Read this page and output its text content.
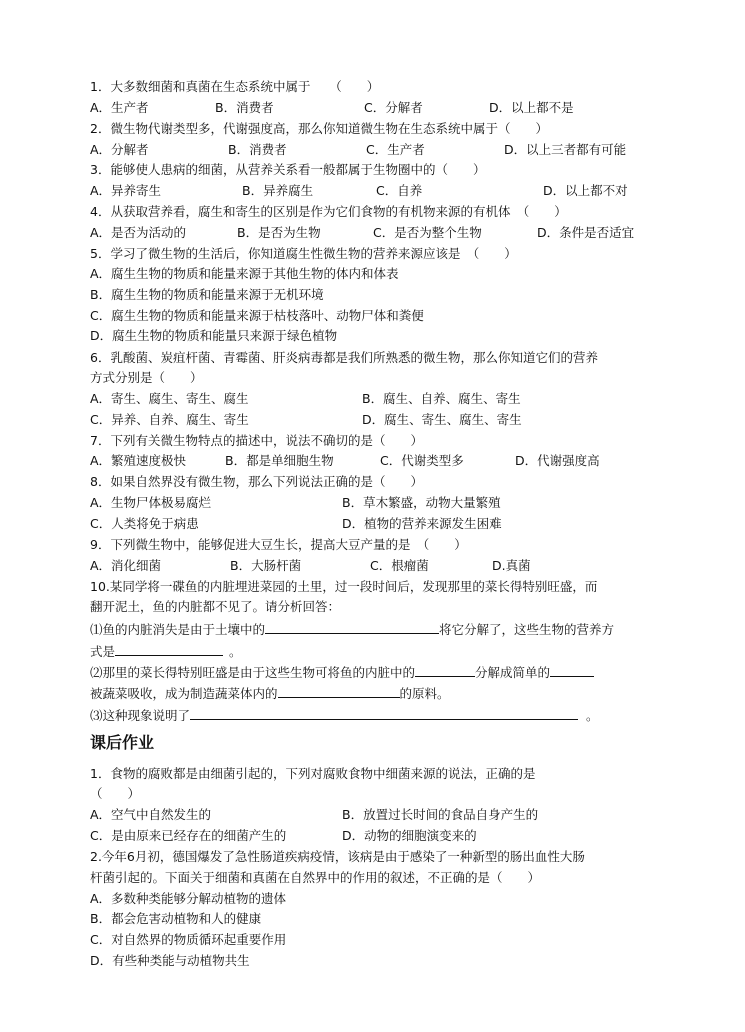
1．大多数细菌和真菌在生态系统中属于　　（　　）
A．生产者	B．消费者	C．分解者	D．以上都不是
2．微生物代谢类型多，代谢强度高，那么你知道微生物在生态系统中属于（　　）
A．分解者	B．消费者	C．生产者	D．以上三者都有可能
3．能够使人患病的细菌，从营养关系看一般都属于生物圈中的（　　）
A．异养寄生	B．异养腐生	C．自养	D．以上都不对
4．从获取营养看，腐生和寄生的区别是作为它们食物的有机物来源的有机体　（　　）
A．是否为活动的	B．是否为生物	C．是否为整个生物	D．条件是否适宜
5．学习了微生物的生活后，你知道腐生性微生物的营养来源应该是　（　　）
A．腐生生物的物质和能量来源于其他生物的体内和体表
B．腐生生物的物质和能量来源于无机环境
C．腐生生物的物质和能量来源于枯枝落叶、动物尸体和粪便
D．腐生生物的物质和能量只来源于绿色植物
6．乳酸菌、炭疽杆菌、青霉菌、肝炎病毒都是我们所熟悉的微生物，那么你知道它们的营养
方式分别是（　　）
A．寄生、腐生、寄生、腐生	B．腐生、自养、腐生、寄生
C．异养、自养、腐生、寄生	D．腐生、寄生、腐生、寄生
7．下列有关微生物特点的描述中，说法不确切的是（　　）
A．繁殖速度极快	B．都是单细胞生物	C．代谢类型多	D．代谢强度高
8．如果自然界没有微生物，那么下列说法正确的是（　　）
A．生物尸体极易腐烂	B．草木繁盛，动物大量繁殖
C．人类将免于病患	D．植物的营养来源发生困难
9．下列微生物中，能够促进大豆生长，提高大豆产量的是　（　　）
A．消化细菌	B．大肠杆菌	C．根瘤菌	D.真菌
10.某同学将一碟鱼的内脏埋进菜园的土里，过一段时间后，发现那里的菜长得特别旺盛，而
翻开泥土，鱼的内脏都不见了。请分析回答：
⑴鱼的内脏消失是由于土壤中的	将它分解了，这些生物的营养方
式是	。
⑵那里的菜长得特别旺盛是由于这些生物可将鱼的内脏中的	分解成简单的
被蔬菜吸收，成为制造蔬菜体内的	的原料。
⑶这种现象说明了	。
课后作业
1．食物的腐败都是由细菌引起的，下列对腐败食物中细菌来源的说法，正确的是
（　　）
A．空气中自然发生的	B．放置过长时间的食品自身产生的
C．是由原来已经存在的细菌产生的	D．动物的细胞演变来的
2.今年6月初，德国爆发了急性肠道疾病疫情，该病是由于感染了一种新型的肠出血性大肠
杆菌引起的。下面关于细菌和真菌在自然界中的作用的叙述，不正确的是（　　）
A．多数种类能够分解动植物的遗体
B．都会危害动植物和人的健康
C．对自然界的物质循环起重要作用
D．有些种类能与动植物共生
